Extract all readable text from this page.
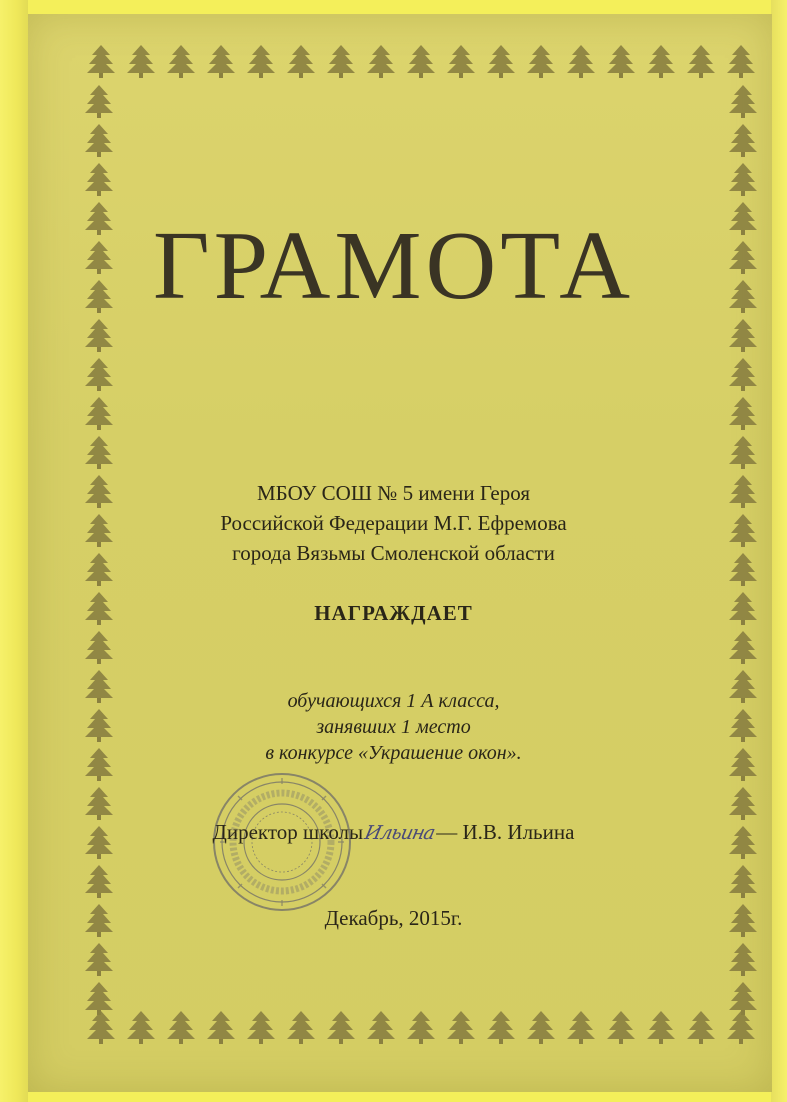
ГРАМОТА
МБОУ СОШ № 5 имени Героя
Российской Федерации М.Г. Ефремова
города Вязьмы Смоленской области
НАГРАЖДАЕТ
обучающихся 1 А класса,
занявших 1 место
в конкурсе «Украшение окон».
Директор школыИльина— И.В. Ильина
Декабрь, 2015г.
